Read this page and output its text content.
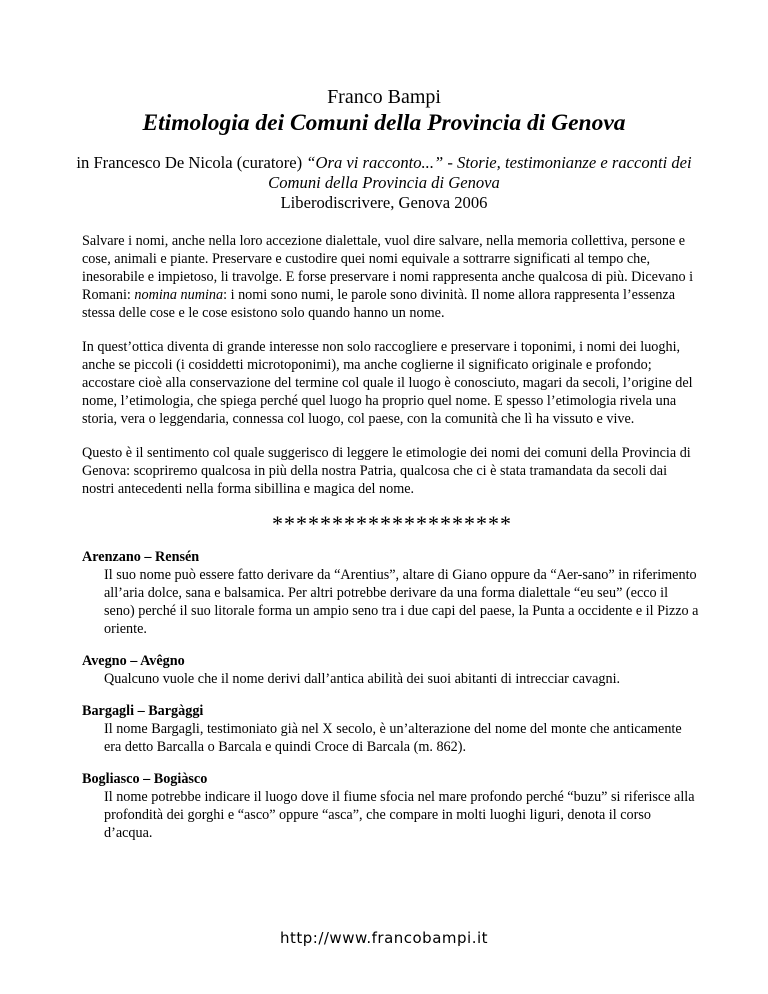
Franco Bampi
Etimologia dei Comuni della Provincia di Genova
in Francesco De Nicola (curatore) “Ora vi racconto...” - Storie, testimonianze e racconti dei Comuni della Provincia di Genova
Liberodiscrivere, Genova 2006

Salvare i nomi, anche nella loro accezione dialettale, vuol dire salvare, nella memoria collettiva, persone e cose, animali e piante. Preservare e custodire quei nomi equivale a sottrarre significati al tempo che, inesorabile e impietoso, li travolge. E forse preservare i nomi rappresenta anche qualcosa di più. Dicevano i Romani: nomina numina: i nomi sono numi, le parole sono divinità. Il nome allora rappresenta l’essenza stessa delle cose e le cose esistono solo quando hanno un nome.

In quest’ottica diventa di grande interesse non solo raccogliere e preservare i toponimi, i nomi dei luoghi, anche se piccoli (i cosiddetti microtoponimi), ma anche coglierne il significato originale e profondo; accostare cioè alla conservazione del termine col quale il luogo è conosciuto, magari da secoli, l’origine del nome, l’etimologia, che spiega perché quel luogo ha proprio quel nome. E spesso l’etimologia rivela una storia, vera o leggendaria, connessa col luogo, col paese, con la comunità che lì ha vissuto e vive.

Questo è il sentimento col quale suggerisco di leggere le etimologie dei nomi dei comuni della Provincia di Genova: scopriremo qualcosa in più della nostra Patria, qualcosa che ci è stata tramandata da secoli dai nostri antecedenti nella forma sibillina e magica del nome.

********************
Arenzano – Rensén
Il suo nome può essere fatto derivare da “Arentius”, altare di Giano oppure da “Aer-sano” in riferimento all’aria dolce, sana e balsamica. Per altri potrebbe derivare da una forma dialettale “eu seu” (ecco il seno) perché il suo litorale forma un ampio seno tra i due capi del paese, la Punta a occidente e il Pizzo a oriente.
Avegno – Avêgno
Qualcuno vuole che il nome derivi dall’antica abilità dei suoi abitanti di intrecciar cavagni.
Bargagli – Bargàggi
Il nome Bargagli, testimoniato già nel X secolo, è un’alterazione del nome del monte che anticamente era detto Barcalla o Barcala e quindi Croce di Barcala (m. 862).
Bogliasco – Bogiàsco
Il nome potrebbe indicare il luogo dove il fiume sfocia nel mare profondo perché “buzu” si riferisce alla profondità dei gorghi e “asco” oppure “asca”, che compare in molti luoghi liguri, denota il corso d’acqua.
http://www.francobampi.it
